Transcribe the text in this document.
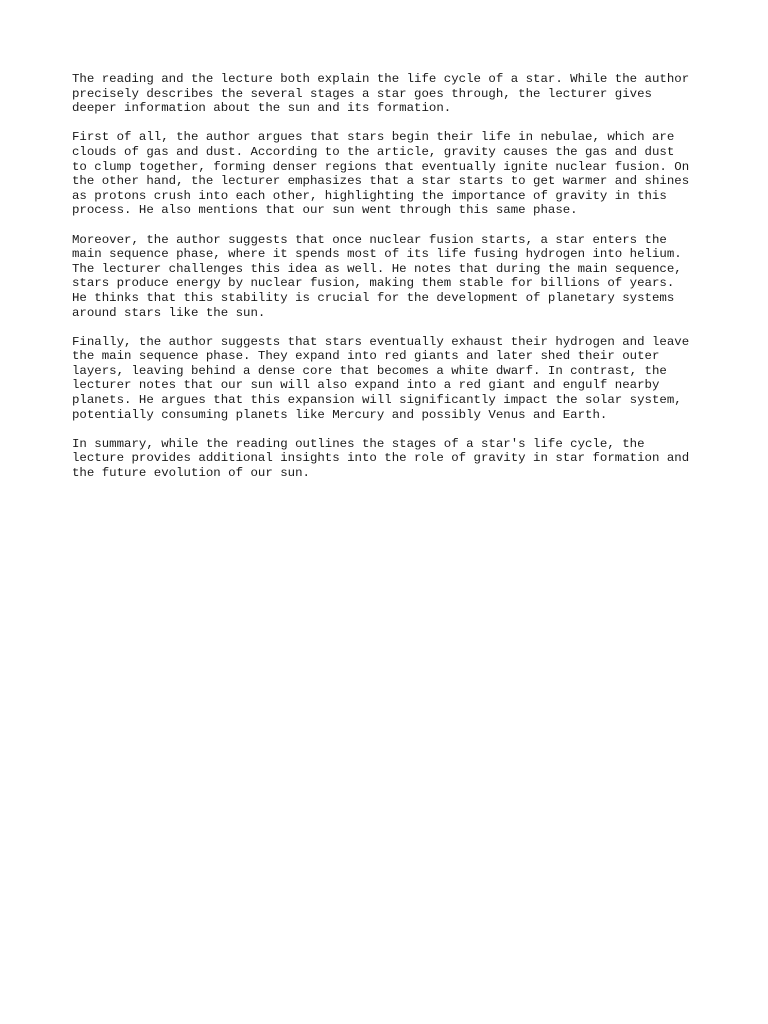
The reading and the lecture both explain the life cycle of a star. While the author
precisely describes the several stages a star goes through, the lecturer gives
deeper information about the sun and its formation.

First of all, the author argues that stars begin their life in nebulae, which are
clouds of gas and dust. According to the article, gravity causes the gas and dust
to clump together, forming denser regions that eventually ignite nuclear fusion. On
the other hand, the lecturer emphasizes that a star starts to get warmer and shines
as protons crush into each other, highlighting the importance of gravity in this
process. He also mentions that our sun went through this same phase.

Moreover, the author suggests that once nuclear fusion starts, a star enters the
main sequence phase, where it spends most of its life fusing hydrogen into helium.
The lecturer challenges this idea as well. He notes that during the main sequence,
stars produce energy by nuclear fusion, making them stable for billions of years.
He thinks that this stability is crucial for the development of planetary systems
around stars like the sun.

Finally, the author suggests that stars eventually exhaust their hydrogen and leave
the main sequence phase. They expand into red giants and later shed their outer
layers, leaving behind a dense core that becomes a white dwarf. In contrast, the
lecturer notes that our sun will also expand into a red giant and engulf nearby
planets. He argues that this expansion will significantly impact the solar system,
potentially consuming planets like Mercury and possibly Venus and Earth.

In summary, while the reading outlines the stages of a star's life cycle, the
lecture provides additional insights into the role of gravity in star formation and
the future evolution of our sun.
